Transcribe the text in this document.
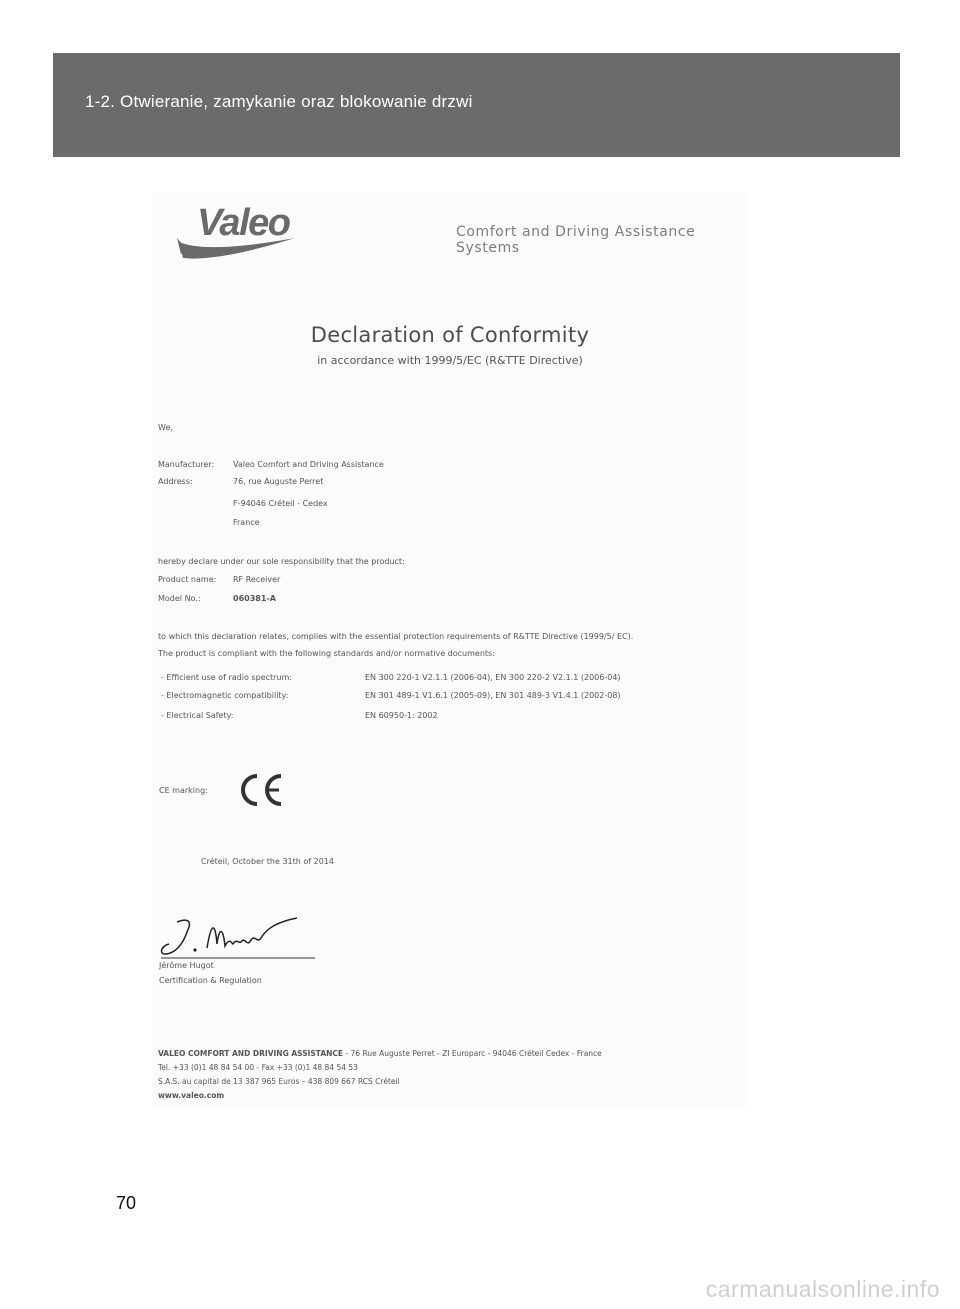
1-2. Otwieranie, zamykanie oraz blokowanie drzwi
Valeo	Comfort and Driving Assistance Systems
Declaration of Conformity
in accordance with 1999/5/EC (R&TTE Directive)
We,
Manufacturer: Valeo Comfort and Driving Assistance
Address:	76, rue Auguste Perret
F-94046 Créteil - Cedex
France
hereby declare under our sole responsibility that the product:
Product name: RF Receiver
Model No.:	060381-A
to which this declaration relates, complies with the essential protection requirements of R&TTE Directive (1999/5/ EC).
The product is compliant with the following standards and/or normative documents:
- Efficient use of radio spectrum:	EN 300 220-1 V2.1.1 (2006-04), EN 300 220-2 V2.1.1 (2006-04)
- Electromagnetic compatibility:	EN 301 489-1 V1.6.1 (2005-09), EN 301 489-3 V1.4.1 (2002-08)
- Electrical Safety:	EN 60950-1: 2002
CE marking:
Créteil, October the 31th of 2014
Jérôme Hugot
Certification & Regulation
VALEO COMFORT AND DRIVING ASSISTANCE - 76 Rue Auguste Perret - ZI Europarc - 94046 Créteil Cedex - France
Tel. +33 (0)1 48 84 54 00 - Fax +33 (0)1 48 84 54 53
S.A.S. au capital de 13 387 965 Euros – 438 809 667 RCS Créteil
www.valeo.com
70
carmanualsonline.info
